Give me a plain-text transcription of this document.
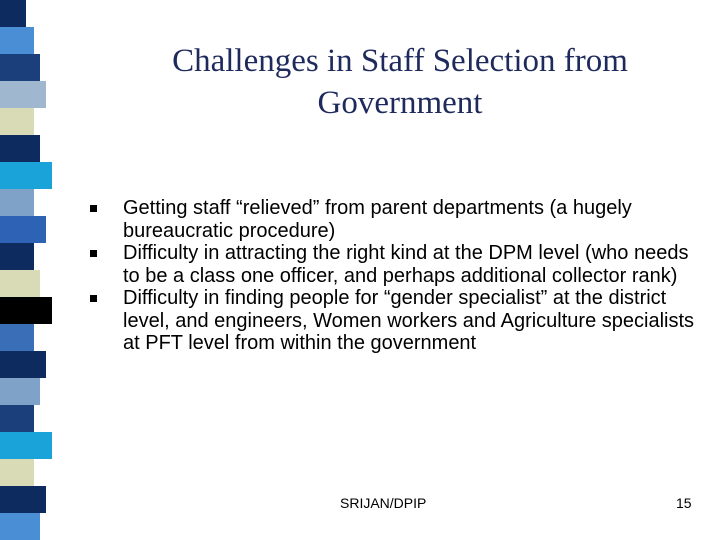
Challenges in Staff Selection from Government
Getting staff “relieved” from parent departments (a hugely bureaucratic procedure)
Difficulty in attracting the right kind at the DPM level (who needs to be a class one officer, and perhaps additional collector rank)
Difficulty in finding people for “gender specialist” at the district level, and engineers, Women workers and Agriculture specialists at PFT level from within the government
SRIJAN/DPIP	15
